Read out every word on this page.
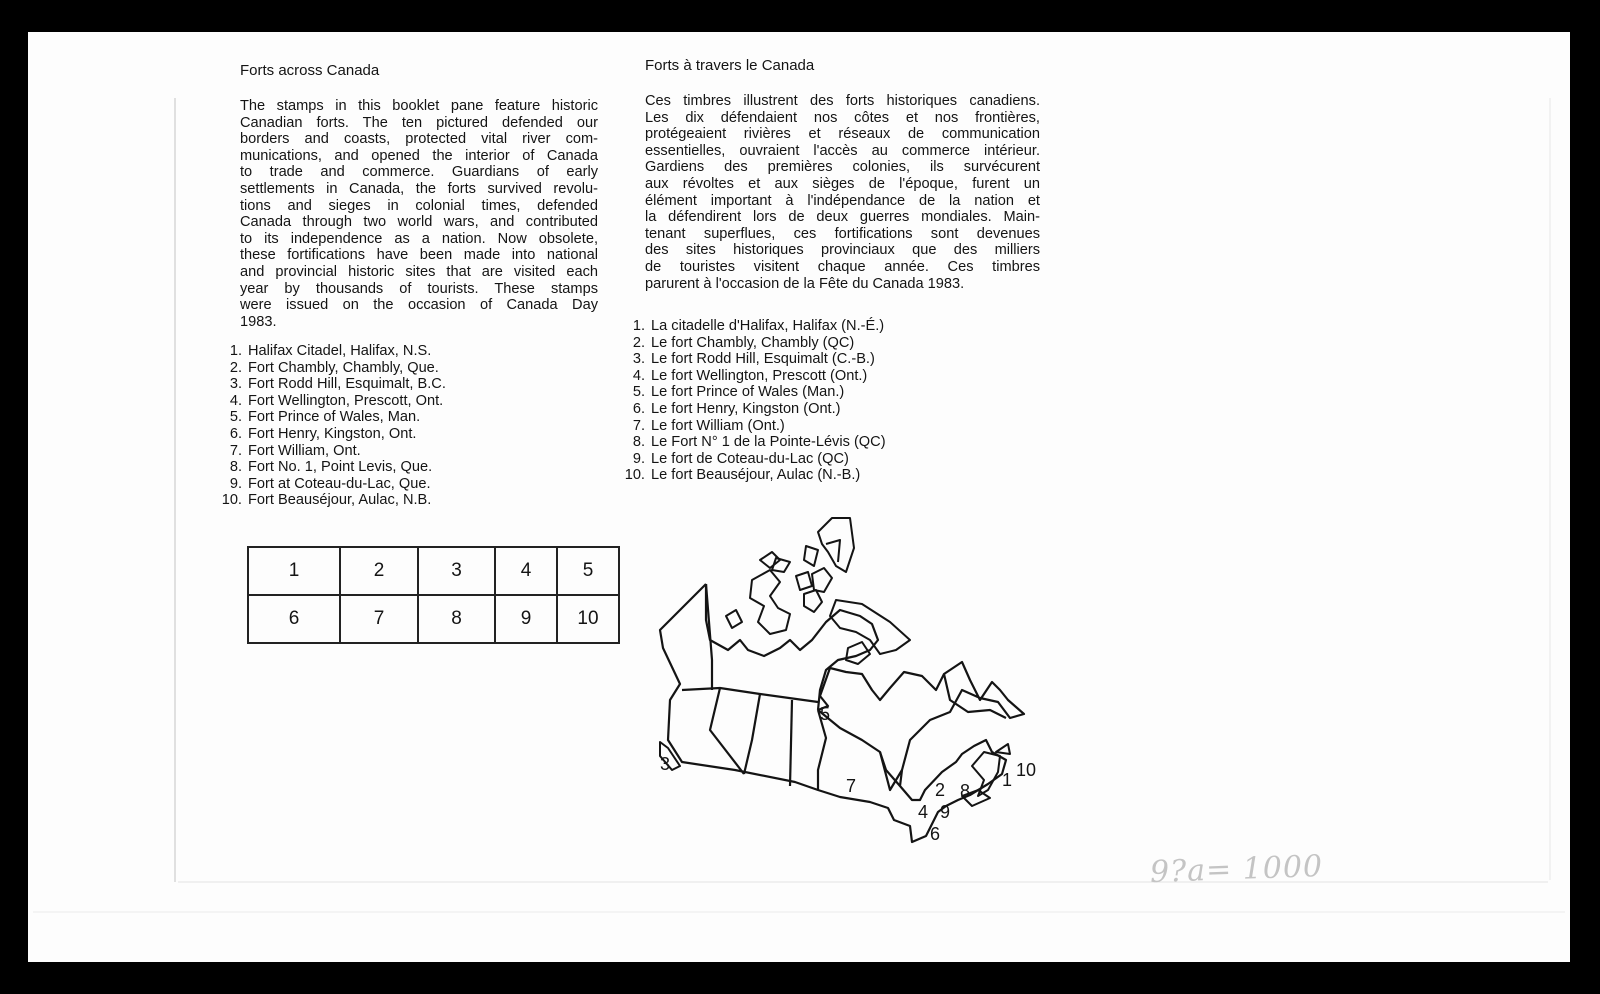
Forts across Canada
The stamps in this booklet pane feature historic
Canadian forts. The ten pictured defended our
borders and coasts, protected vital river com-
munications, and opened the interior of Canada
to trade and commerce. Guardians of early
settlements in Canada, the forts survived revolu-
tions and sieges in colonial times, defended
Canada through two world wars, and contributed
to its independence as a nation. Now obsolete,
these fortifications have been made into national
and provincial historic sites that are visited each
year by thousands of tourists. These stamps
were issued on the occasion of Canada Day
1983.
1. Halifax Citadel, Halifax, N.S.
2. Fort Chambly, Chambly, Que.
3. Fort Rodd Hill, Esquimalt, B.C.
4. Fort Wellington, Prescott, Ont.
5. Fort Prince of Wales, Man.
6. Fort Henry, Kingston, Ont.
7. Fort William, Ont.
8. Fort No. 1, Point Levis, Que.
9. Fort at Coteau-du-Lac, Que.
10. Fort Beauséjour, Aulac, N.B.
1	2	3	4	5
6	7	8	9	10
Forts à travers le Canada
Ces timbres illustrent des forts historiques canadiens.
Les dix défendaient nos côtes et nos frontières,
protégeaient rivières et réseaux de communication
essentielles, ouvraient l'accès au commerce intérieur.
Gardiens des premières colonies, ils survécurent
aux révoltes et aux sièges de l'époque, furent un
élément important à l'indépendance de la nation et
la défendirent lors de deux guerres mondiales. Main-
tenant superflues, ces fortifications sont devenues
des sites historiques provinciaux que des milliers
de touristes visitent chaque année. Ces timbres
parurent à l'occasion de la Fête du Canada 1983.
1. La citadelle d'Halifax, Halifax (N.-É.)
2. Le fort Chambly, Chambly (QC)
3. Le fort Rodd Hill, Esquimalt (C.-B.)
4. Le fort Wellington, Prescott (Ont.)
5. Le fort Prince of Wales (Man.)
6. Le fort Henry, Kingston (Ont.)
7. Le fort William (Ont.)
8. Le Fort N° 1 de la Pointe-Lévis (QC)
9. Le fort de Coteau-du-Lac (QC)
10. Le fort Beauséjour, Aulac (N.-B.)
5
3
7	2 8
1 10
4 9
6
9?a= 1000
